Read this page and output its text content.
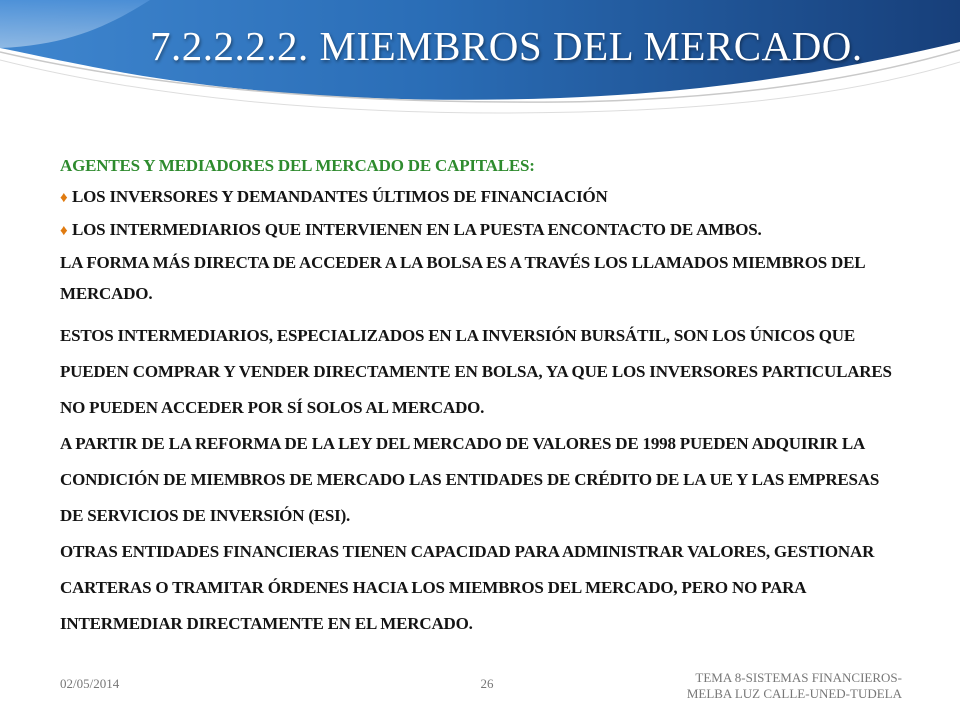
7.2.2.2.2. MIEMBROS DEL MERCADO.

AGENTES Y MEDIADORES DEL MERCADO DE CAPITALES:

♦ LOS INVERSORES Y DEMANDANTES ÚLTIMOS DE FINANCIACIÓN
♦ LOS INTERMEDIARIOS QUE INTERVIENEN EN LA PUESTA ENCONTACTO DE AMBOS.

LA FORMA MÁS DIRECTA DE ACCEDER A LA BOLSA ES A TRAVÉS LOS LLAMADOS MIEMBROS DEL MERCADO.

ESTOS INTERMEDIARIOS, ESPECIALIZADOS EN LA INVERSIÓN BURSÁTIL, SON LOS ÚNICOS QUE PUEDEN COMPRAR Y VENDER DIRECTAMENTE EN BOLSA, YA QUE LOS INVERSORES PARTICULARES NO PUEDEN ACCEDER POR SÍ SOLOS AL MERCADO.

A PARTIR DE LA REFORMA DE LA LEY DEL MERCADO DE VALORES DE 1998 PUEDEN ADQUIRIR LA CONDICIÓN DE MIEMBROS DE MERCADO LAS ENTIDADES DE CRÉDITO DE LA UE Y LAS EMPRESAS DE SERVICIOS DE INVERSIÓN (ESI).

OTRAS ENTIDADES FINANCIERAS TIENEN CAPACIDAD PARA ADMINISTRAR VALORES, GESTIONAR CARTERAS O TRAMITAR ÓRDENES HACIA LOS MIEMBROS DEL MERCADO, PERO NO PARA INTERMEDIAR DIRECTAMENTE EN EL MERCADO.

02/05/2014	26	TEMA 8-SISTEMAS FINANCIEROS-
MELBA LUZ CALLE-UNED-TUDELA
